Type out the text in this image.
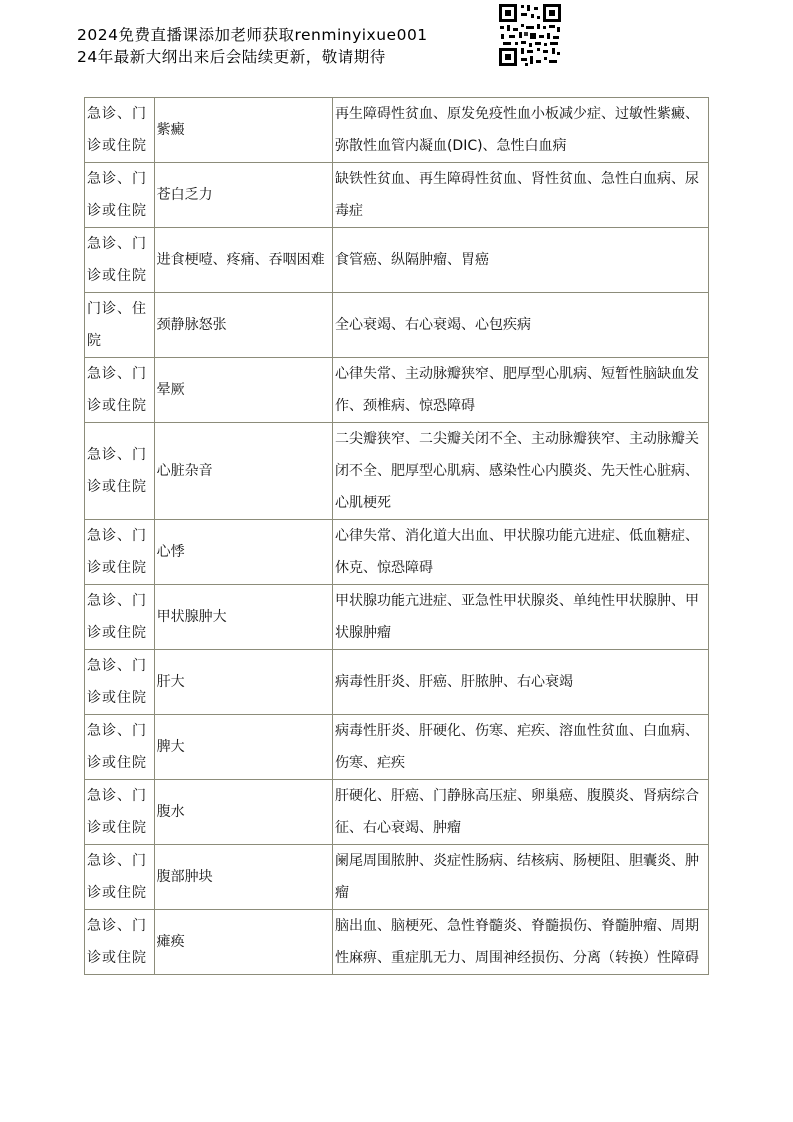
2024免费直播课添加老师获取renminyixue001
24年最新大纲出来后会陆续更新，敬请期待
急诊、门诊或住院	紫癜	再生障碍性贫血、原发免疫性血小板减少症、过敏性紫癜、弥散性血管内凝血(DIC)、急性白血病
急诊、门诊或住院	苍白乏力	缺铁性贫血、再生障碍性贫血、肾性贫血、急性白血病、尿毒症
急诊、门诊或住院	进食梗噎、疼痛、吞咽困难	食管癌、纵隔肿瘤、胃癌
门诊、住院	颈静脉怒张	全心衰竭、右心衰竭、心包疾病
急诊、门诊或住院	晕厥	心律失常、主动脉瓣狭窄、肥厚型心肌病、短暂性脑缺血发作、颈椎病、惊恐障碍
急诊、门诊或住院	心脏杂音	二尖瓣狭窄、二尖瓣关闭不全、主动脉瓣狭窄、主动脉瓣关闭不全、肥厚型心肌病、感染性心内膜炎、先天性心脏病、心肌梗死
急诊、门诊或住院	心悸	心律失常、消化道大出血、甲状腺功能亢进症、低血糖症、休克、惊恐障碍
急诊、门诊或住院	甲状腺肿大	甲状腺功能亢进症、亚急性甲状腺炎、单纯性甲状腺肿、甲状腺肿瘤
急诊、门诊或住院	肝大	病毒性肝炎、肝癌、肝脓肿、右心衰竭
急诊、门诊或住院	脾大	病毒性肝炎、肝硬化、伤寒、疟疾、溶血性贫血、白血病、伤寒、疟疾
急诊、门诊或住院	腹水	肝硬化、肝癌、门静脉高压症、卵巢癌、腹膜炎、肾病综合征、右心衰竭、肿瘤
急诊、门诊或住院	腹部肿块	阑尾周围脓肿、炎症性肠病、结核病、肠梗阻、胆囊炎、肿瘤
急诊、门诊或住院	瘫痪	脑出血、脑梗死、急性脊髓炎、脊髓损伤、脊髓肿瘤、周期性麻痹、重症肌无力、周围神经损伤、分离（转换）性障碍
